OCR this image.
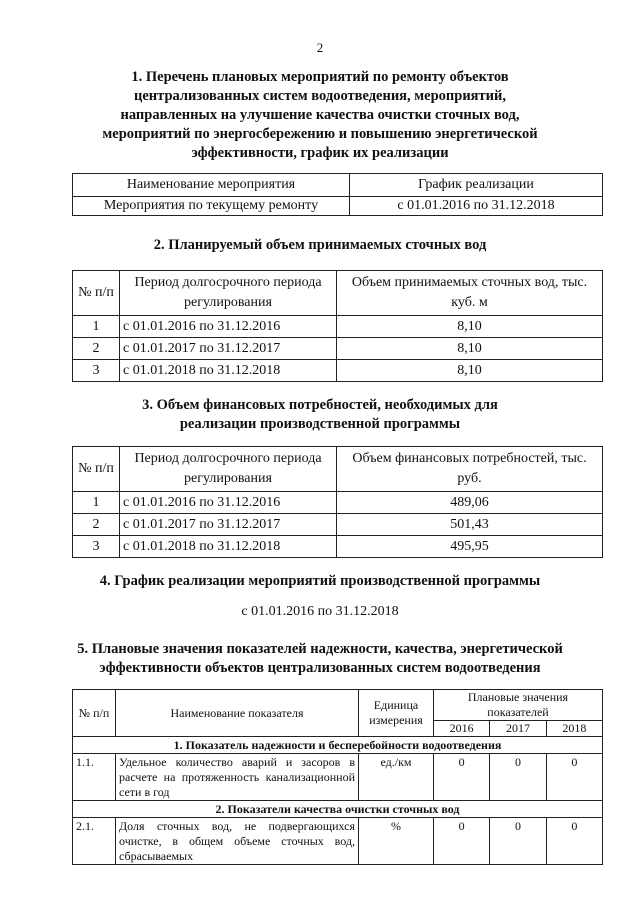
2
1. Перечень плановых мероприятий по ремонту объектов
централизованных систем водоотведения, мероприятий,
направленных на улучшение качества очистки сточных вод,
мероприятий по энергосбережению и повышению энергетической
эффективности, график их реализации
Наименование мероприятия	График реализации
Мероприятия по текущему ремонту	с 01.01.2016 по 31.12.2018
2. Планируемый объем принимаемых сточных вод
№ п/п	Период долгосрочного периода регулирования	Объем принимаемых сточных вод, тыс. куб. м
1	с 01.01.2016 по 31.12.2016	8,10
2	с 01.01.2017 по 31.12.2017	8,10
3	с 01.01.2018 по 31.12.2018	8,10
3. Объем финансовых потребностей, необходимых для
реализации производственной программы
№ п/п	Период долгосрочного периода регулирования	Объем финансовых потребностей, тыс. руб.
1	с 01.01.2016 по 31.12.2016	489,06
2	с 01.01.2017 по 31.12.2017	501,43
3	с 01.01.2018 по 31.12.2018	495,95
4. График реализации мероприятий производственной программы
с 01.01.2016 по 31.12.2018
5. Плановые значения показателей надежности, качества, энергетической
эффективности объектов централизованных систем водоотведения
№ п/п	Наименование показателя	Единица измерения	Плановые значения показателей		
			2016	2017	2018
1. Показатель надежности и бесперебойности водоотведения					
1.1.	Удельное количество аварий и засоров в расчете на протяженность канализационной сети в год	ед./км	0	0	0
2. Показатели качества очистки сточных вод					
2.1.	Доля сточных вод, не подвергающихся очистке, в общем объеме сточных вод, сбрасываемых	%	0	0	0
